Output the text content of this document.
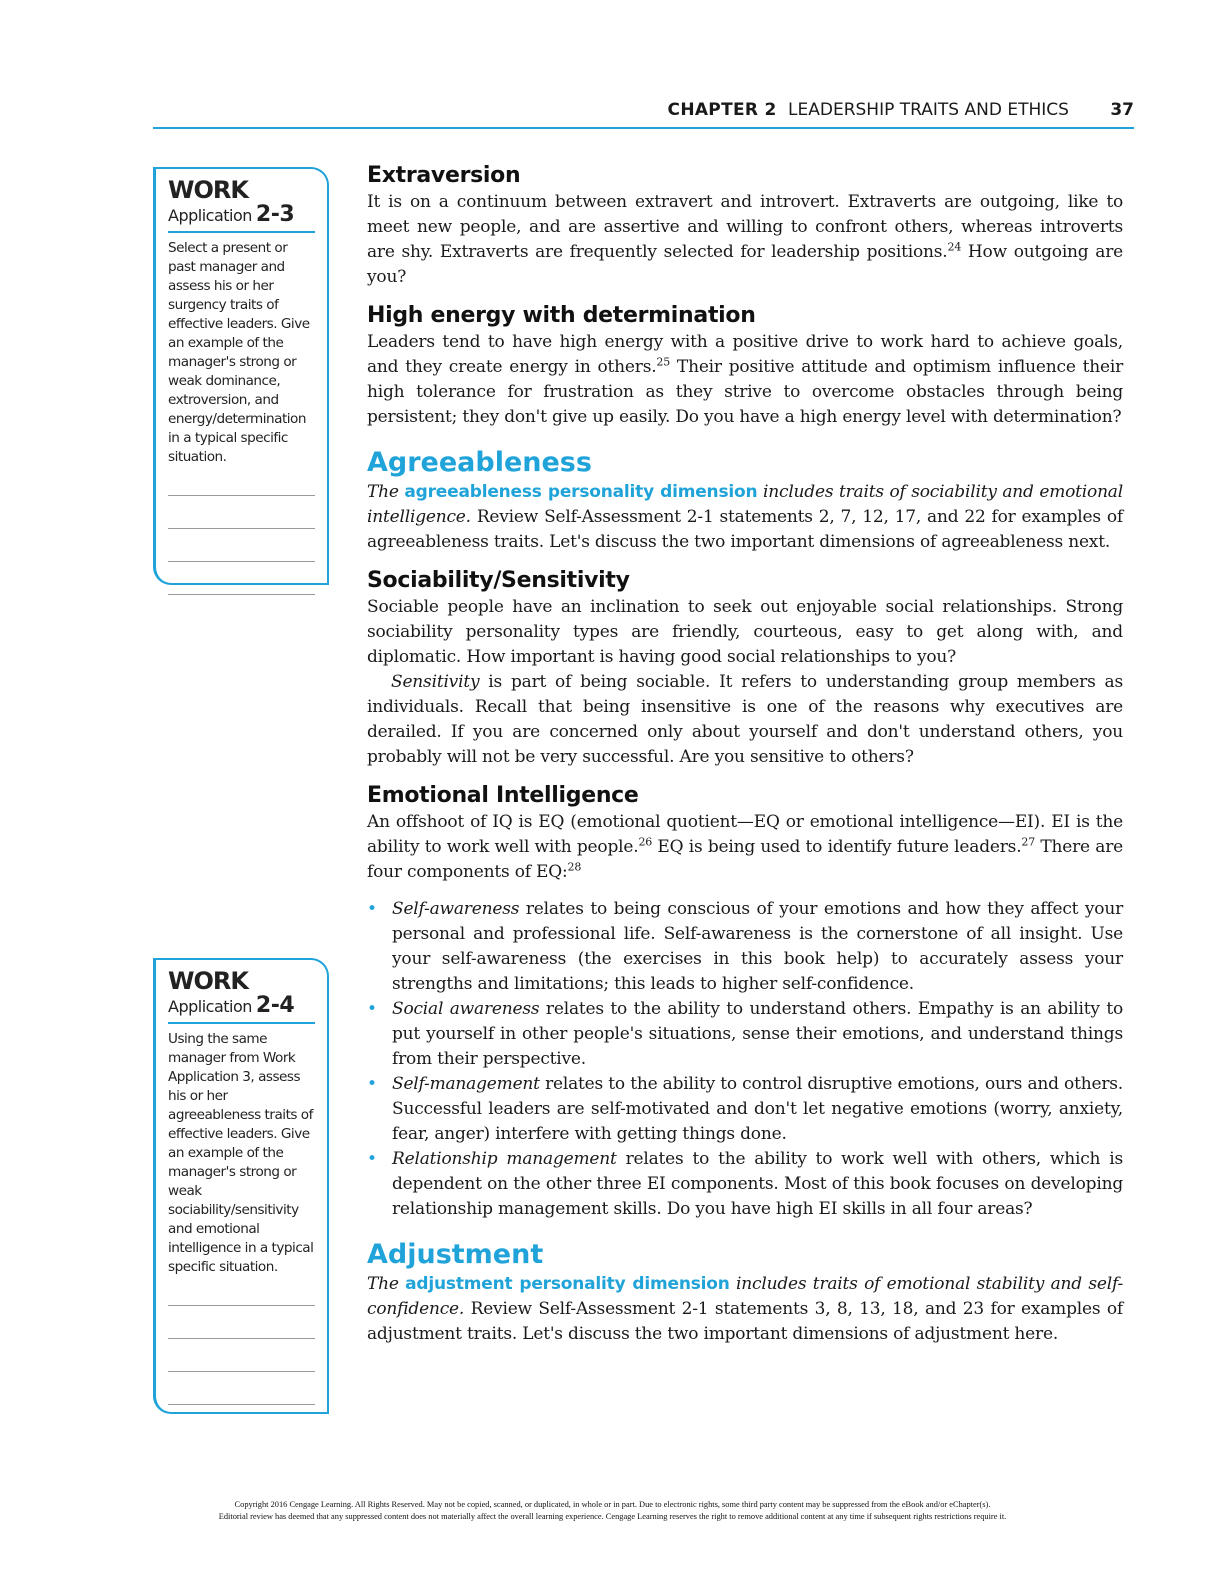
CHAPTER 2 LEADERSHIP TRAITS AND ETHICS 37
WORK
Application 2-3
Select a present or past manager and assess his or her surgency traits of effective leaders. Give an example of the manager's strong or weak dominance, extroversion, and energy/determination in a typical specific situation.
WORK
Application 2-4
Using the same manager from Work Application 3, assess his or her agreeableness traits of effective leaders. Give an example of the manager's strong or weak sociability/sensitivity and emotional intelligence in a typical specific situation.
Extraversion

It is on a continuum between extravert and introvert. Extraverts are outgoing, like to meet new people, and are assertive and willing to confront others, whereas introverts are shy. Extraverts are frequently selected for leadership positions.$^{24}$ How outgoing are you?

High energy with determination

Leaders tend to have high energy with a positive drive to work hard to achieve goals, and they create energy in others.$^{25}$ Their positive attitude and optimism influence their high tolerance for frustration as they strive to overcome obstacles through being persistent; they don't give up easily. Do you have a high energy level with determination?

Agreeableness

The agreeableness personality dimension includes traits of sociability and emotional intelligence. Review Self-Assessment 2-1 statements 2, 7, 12, 17, and 22 for examples of agreeableness traits. Let's discuss the two important dimensions of agreeableness next.

Sociability/Sensitivity

Sociable people have an inclination to seek out enjoyable social relationships. Strong sociability personality types are friendly, courteous, easy to get along with, and diplomatic. How important is having good social relationships to you?

Sensitivity is part of being sociable. It refers to understanding group members as individuals. Recall that being insensitive is one of the reasons why executives are derailed. If you are concerned only about yourself and don't understand others, you probably will not be very successful. Are you sensitive to others?

Emotional Intelligence

An offshoot of IQ is EQ (emotional quotient—EQ or emotional intelligence—EI). EI is the ability to work well with people.$^{26}$ EQ is being used to identify future leaders.$^{27}$ There are four components of EQ:$^{28}$

• Self-awareness relates to being conscious of your emotions and how they affect your personal and professional life. Self-awareness is the cornerstone of all insight. Use your self-awareness (the exercises in this book help) to accurately assess your strengths and limitations; this leads to higher self-confidence.
• Social awareness relates to the ability to understand others. Empathy is an ability to put yourself in other people's situations, sense their emotions, and understand things from their perspective.
• Self-management relates to the ability to control disruptive emotions, ours and others. Successful leaders are self-motivated and don't let negative emotions (worry, anxiety, fear, anger) interfere with getting things done.
• Relationship management relates to the ability to work well with others, which is dependent on the other three EI components. Most of this book focuses on developing relationship management skills. Do you have high EI skills in all four areas?
Adjustment

The adjustment personality dimension includes traits of emotional stability and self-confidence. Review Self-Assessment 2-1 statements 3, 8, 13, 18, and 23 for examples of adjustment traits. Let's discuss the two important dimensions of adjustment here.

Copyright 2016 Cengage Learning. All Rights Reserved. May not be copied, scanned, or duplicated, in whole or in part. Due to electronic rights, some third party content may be suppressed from the eBook and/or eChapter(s).
Editorial review has deemed that any suppressed content does not materially affect the overall learning experience. Cengage Learning reserves the right to remove additional content at any time if subsequent rights restrictions require it.
